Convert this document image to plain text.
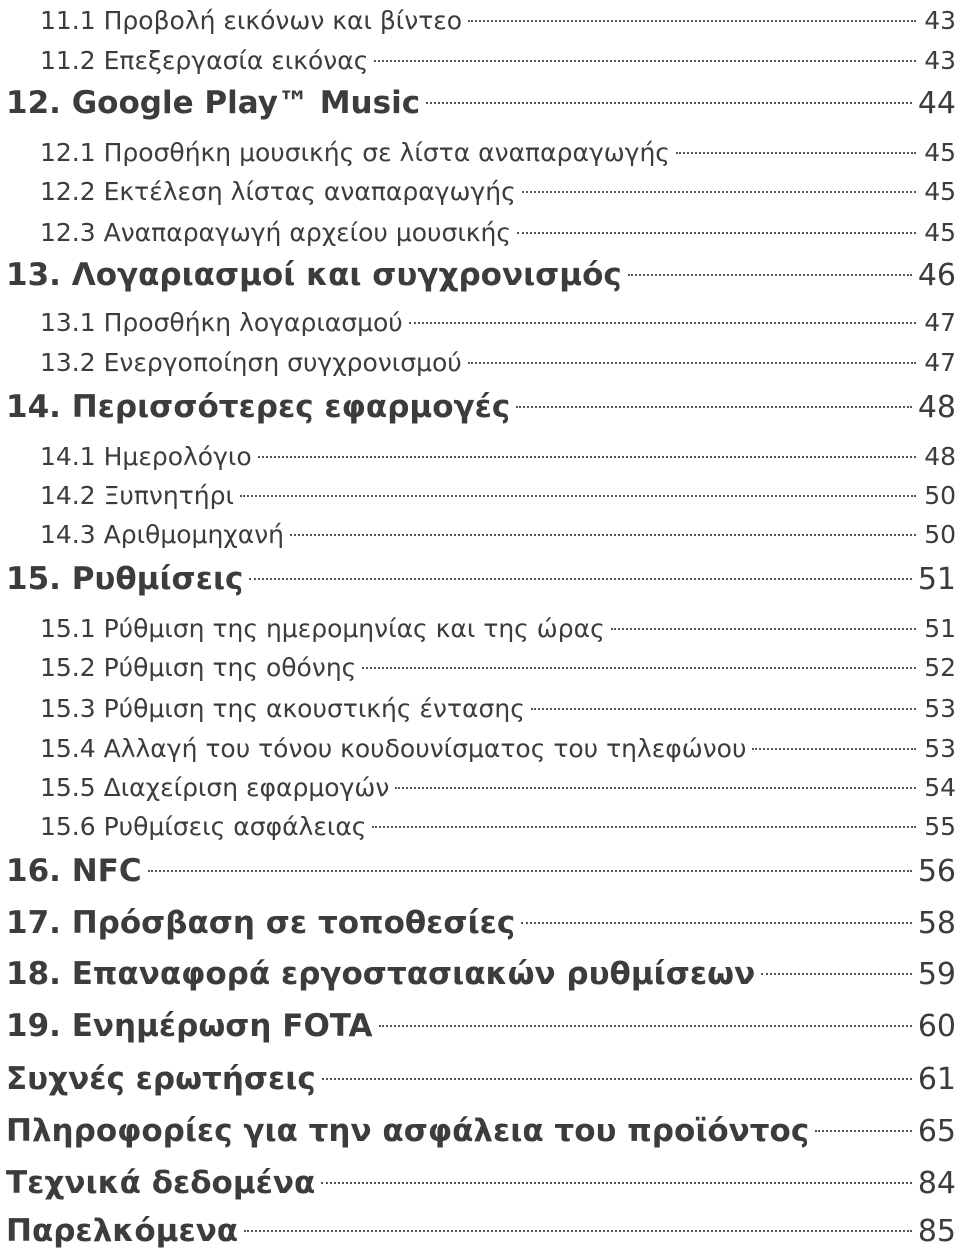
11.1 Προβολή εικόνων και βίντεο	43
11.2 Επεξεργασία εικόνας	43
12. Google Play™ Music	44
12.1 Προσθήκη μουσικής σε λίστα αναπαραγωγής	45
12.2 Εκτέλεση λίστας αναπαραγωγής	45
12.3 Αναπαραγωγή αρχείου μουσικής	45
13. Λογαριασμοί και συγχρονισμός	46
13.1 Προσθήκη λογαριασμού	47
13.2 Ενεργοποίηση συγχρονισμού	47
14. Περισσότερες εφαρμογές	48
14.1 Ημερολόγιο	48
14.2 Ξυπνητήρι	50
14.3 Αριθμομηχανή	50
15. Ρυθμίσεις	51
15.1 Ρύθμιση της ημερομηνίας και της ώρας	51
15.2 Ρύθμιση της οθόνης	52
15.3 Ρύθμιση της ακουστικής έντασης	53
15.4 Αλλαγή του τόνου κουδουνίσματος του τηλεφώνου	53
15.5 Διαχείριση εφαρμογών	54
15.6 Ρυθμίσεις ασφάλειας	55
16. NFC	56
17. Πρόσβαση σε τοποθεσίες	58
18. Επαναφορά εργοστασιακών ρυθμίσεων	59
19. Ενημέρωση FOTA	60
Συχνές ερωτήσεις	61
Πληροφορίες για την ασφάλεια του προϊόντος	65
Τεχνικά δεδομένα	84
Παρελκόμενα	85
